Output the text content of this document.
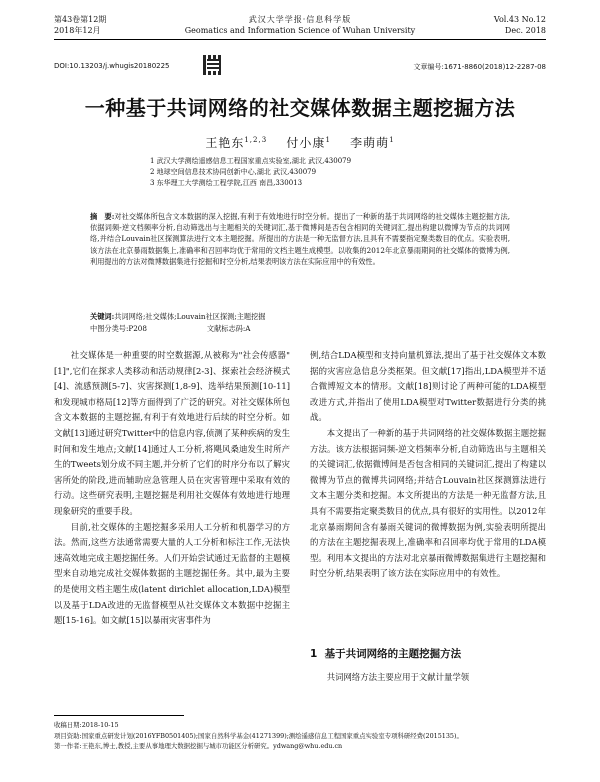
第43卷第12期
2018年12月
武汉大学学报·信息科学版
Geomatics and Information Science of Wuhan University
Vol.43 No.12
Dec. 2018
DOI:10.13203/j.whugis20180225	文章编号:1671-8860(2018)12-2287-08
一种基于共词网络的社交媒体数据主题挖掘方法
王艳东$^{1,2,3}$ 付小康$^1$ 李萌萌$^1$
1 武汉大学测绘遥感信息工程国家重点实验室,湖北 武汉,430079
2 地球空间信息技术协同创新中心,湖北 武汉,430079
3 东华理工大学测绘工程学院,江西 南昌,330013
摘　要:对社交媒体所包含文本数据的深入挖掘,有利于有效地进行时空分析。提出了一种新的基于共词网络的社交媒体主题挖掘方法,依据词频-逆文档频率分析,自动筛选出与主题相关的关键词汇,基于微博间是否包含相同的关键词汇,提出构建以微博为节点的共词网络,并结合Louvain社区探测算法进行文本主题挖掘。所提出的方法是一种无监督方法,且具有不需要指定聚类数目的优点。实验表明,该方法在北京暴雨数据集上,准确率和召回率均优于常用的文档主题生成模型。以收集的2012年北京暴雨期间的社交媒体的微博为例,利用提出的方法对微博数据集进行挖掘和时空分析,结果表明该方法在实际应用中的有效性。
关键词:共词网络;社交媒体;Louvain社区探测;主题挖掘
中图分类号:P208	文献标志码:A

社交媒体是一种重要的时空数据源,从被称为"社会传感器"[1]",它们在探求人类移动和活动规律[2-3]、探索社会经济模式[4]、流感预测[5-7]、灾害探测[1,8-9]、选举结果预测[10-11]和发现城市格局[12]等方面得到了广泛的研究。对社交媒体所包含文本数据的主题挖掘,有利于有效地进行后续的时空分析。如文献[13]通过研究Twitter中的信息内容,侦测了某种疾病的发生时间和发生地点;文献[14]通过人工分析,将飓风桑迪发生时所产生的Tweets划分成不同主题,并分析了它们的时序分布以了解灾害所处的阶段,进而辅助应急管理人员在灾害管理中采取有效的行动。这些研究表明,主题挖掘是利用社交媒体有效地进行地理现象研究的重要手段。

目前,社交媒体的主题挖掘多采用人工分析和机器学习的方法。然而,这些方法通常需要大量的人工分析和标注工作,无法快速高效地完成主题挖掘任务。人们开始尝试通过无监督的主题模型来自动地完成社交媒体数据的主题挖掘任务。其中,最为主要的是使用文档主题生成(latent dirichlet allocation,LDA)模型以及基于LDA改进的无监督模型从社交媒体文本数据中挖掘主题[15-16]。如文献[15]以暴雨灾害事件为

例,结合LDA模型和支持向量机算法,提出了基于社交媒体文本数据的灾害应急信息分类框架。但文献[17]指出,LDA模型并不适合微博短文本的情形。文献[18]则讨论了两种可能的LDA模型改进方式,并指出了使用LDA模型对Twitter数据进行分类的挑战。

本文提出了一种新的基于共词网络的社交媒体数据主题挖掘方法。该方法根据词频-逆文档频率分析,自动筛选出与主题相关的关键词汇,依据微博间是否包含相同的关键词汇,提出了构建以微博为节点的微博共词网络;并结合Louvain社区探测算法进行文本主题分类和挖掘。本文所提出的方法是一种无监督方法,且具有不需要指定聚类数目的优点,具有很好的实用性。以2012年北京暴雨期间含有暴雨关键词的微博数据为例,实验表明所提出的方法在主题挖掘表现上,准确率和召回率均优于常用的LDA模型。利用本文提出的方法对北京暴雨微博数据集进行主题挖掘和时空分析,结果表明了该方法在实际应用中的有效性。

1 基于共词网络的主题挖掘方法
共词网络方法主要应用于文献计量学领
收稿日期:2018-10-15
项目资助:国家重点研发计划(2016YFB0501405);国家自然科学基金(41271399);测绘遥感信息工程国家重点实验室专项科研经费(2015135)。
第一作者:王艳东,博士,教授,主要从事地理大数据挖掘与城市功能区分析研究。ydwang@whu.edu.cn
